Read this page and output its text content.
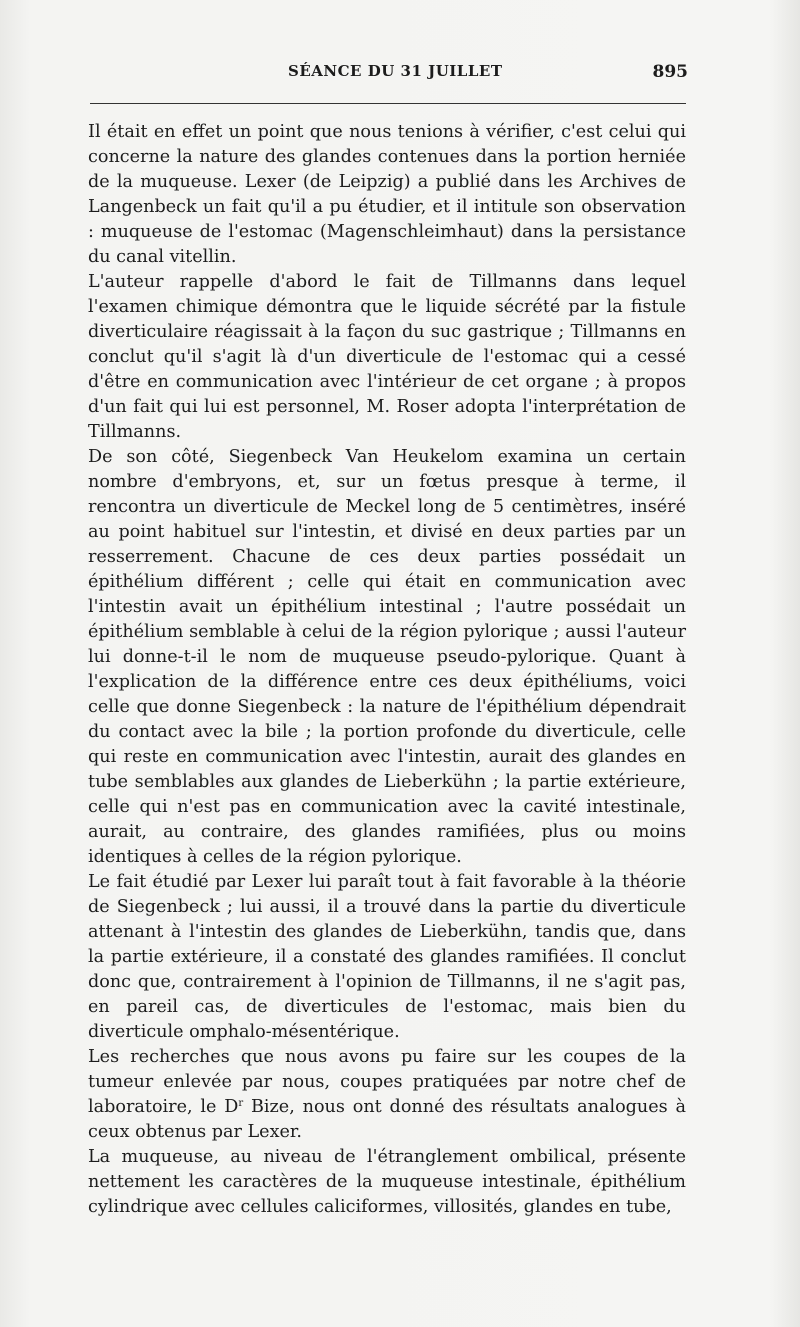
SÉANCE DU 31 JUILLET	895

Il était en effet un point que nous tenions à vérifier, c'est celui qui concerne la nature des glandes contenues dans la portion herniée de la muqueuse. Lexer (de Leipzig) a publié dans les Archives de Langenbeck un fait qu'il a pu étudier, et il intitule son observation : muqueuse de l'estomac (Magenschleimhaut) dans la persistance du canal vitellin.

L'auteur rappelle d'abord le fait de Tillmanns dans lequel l'examen chimique démontra que le liquide sécrété par la fistule diverticulaire réagissait à la façon du suc gastrique ; Tillmanns en conclut qu'il s'agit là d'un diverticule de l'estomac qui a cessé d'être en communication avec l'intérieur de cet organe ; à propos d'un fait qui lui est personnel, M. Roser adopta l'interprétation de Tillmanns.

De son côté, Siegenbeck Van Heukelom examina un certain nombre d'embryons, et, sur un fœtus presque à terme, il rencontra un diverticule de Meckel long de 5 centimètres, inséré au point habituel sur l'intestin, et divisé en deux parties par un resserrement. Chacune de ces deux parties possédait un épithélium différent ; celle qui était en communication avec l'intestin avait un épithélium intestinal ; l'autre possédait un épithélium semblable à celui de la région pylorique ; aussi l'auteur lui donne-t-il le nom de muqueuse pseudo-pylorique. Quant à l'explication de la différence entre ces deux épithéliums, voici celle que donne Siegenbeck : la nature de l'épithélium dépendrait du contact avec la bile ; la portion profonde du diverticule, celle qui reste en communication avec l'intestin, aurait des glandes en tube semblables aux glandes de Lieberkühn ; la partie extérieure, celle qui n'est pas en communication avec la cavité intestinale, aurait, au contraire, des glandes ramifiées, plus ou moins identiques à celles de la région pylorique.

Le fait étudié par Lexer lui paraît tout à fait favorable à la théorie de Siegenbeck ; lui aussi, il a trouvé dans la partie du diverticule attenant à l'intestin des glandes de Lieberkühn, tandis que, dans la partie extérieure, il a constaté des glandes ramifiées. Il conclut donc que, contrairement à l'opinion de Tillmanns, il ne s'agit pas, en pareil cas, de diverticules de l'estomac, mais bien du diverticule omphalo-mésentérique.

Les recherches que nous avons pu faire sur les coupes de la tumeur enlevée par nous, coupes pratiquées par notre chef de laboratoire, le $D^r$ Bize, nous ont donné des résultats analogues à ceux obtenus par Lexer.

La muqueuse, au niveau de l'étranglement ombilical, présente nettement les caractères de la muqueuse intestinale, épithélium cylindrique avec cellules caliciformes, villosités, glandes en tube,
